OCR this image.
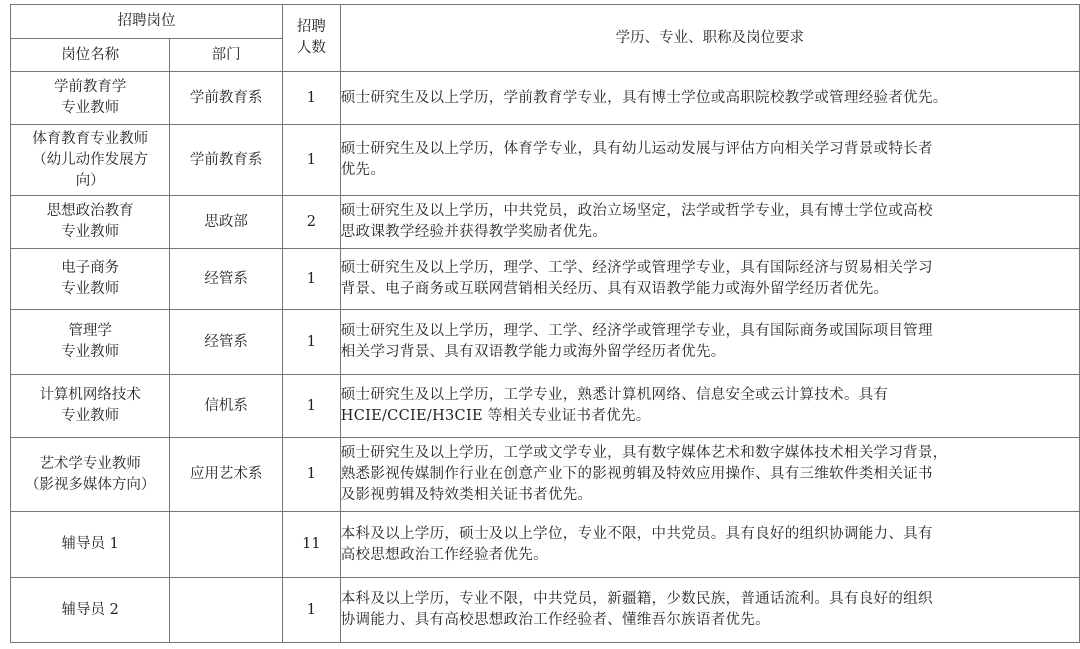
招聘岗位		招聘
人数	学历、专业、职称及岗位要求
岗位名称	部门		

学前教育学
专业教师	学前教育系	1	硕士研究生及以上学历，学前教育学专业，具有博士学位或高职院校教学或管理经验者优先。

体育教育专业教师
（幼儿动作发展方
向）	学前教育系	1	硕士研究生及以上学历，体育学专业，具有幼儿运动发展与评估方向相关学习背景或特长者
优先。

思想政治教育
专业教师	思政部	2	硕士研究生及以上学历，中共党员，政治立场坚定，法学或哲学专业，具有博士学位或高校
思政课教学经验并获得教学奖励者优先。

电子商务
专业教师	经管系	1	硕士研究生及以上学历，理学、工学、经济学或管理学专业，具有国际经济与贸易相关学习
背景、电子商务或互联网营销相关经历、具有双语教学能力或海外留学经历者优先。

管理学
专业教师	经管系	1	硕士研究生及以上学历，理学、工学、经济学或管理学专业，具有国际商务或国际项目管理
相关学习背景、具有双语教学能力或海外留学经历者优先。

计算机网络技术
专业教师	信机系	1	硕士研究生及以上学历，工学专业，熟悉计算机网络、信息安全或云计算技术。具有
HCIE/CCIE/H3CIE 等相关专业证书者优先。

艺术学专业教师
（影视多媒体方向）	应用艺术系	1	硕士研究生及以上学历，工学或文学专业，具有数字媒体艺术和数字媒体技术相关学习背景，
熟悉影视传媒制作行业在创意产业下的影视剪辑及特效应用操作、具有三维软件类相关证书
及影视剪辑及特效类相关证书者优先。

辅导员 1		11	本科及以上学历，硕士及以上学位，专业不限，中共党员。具有良好的组织协调能力、具有
高校思想政治工作经验者优先。

辅导员 2		1	本科及以上学历，专业不限，中共党员，新疆籍，少数民族，普通话流利。具有良好的组织
协调能力、具有高校思想政治工作经验者、懂维吾尔族语者优先。
